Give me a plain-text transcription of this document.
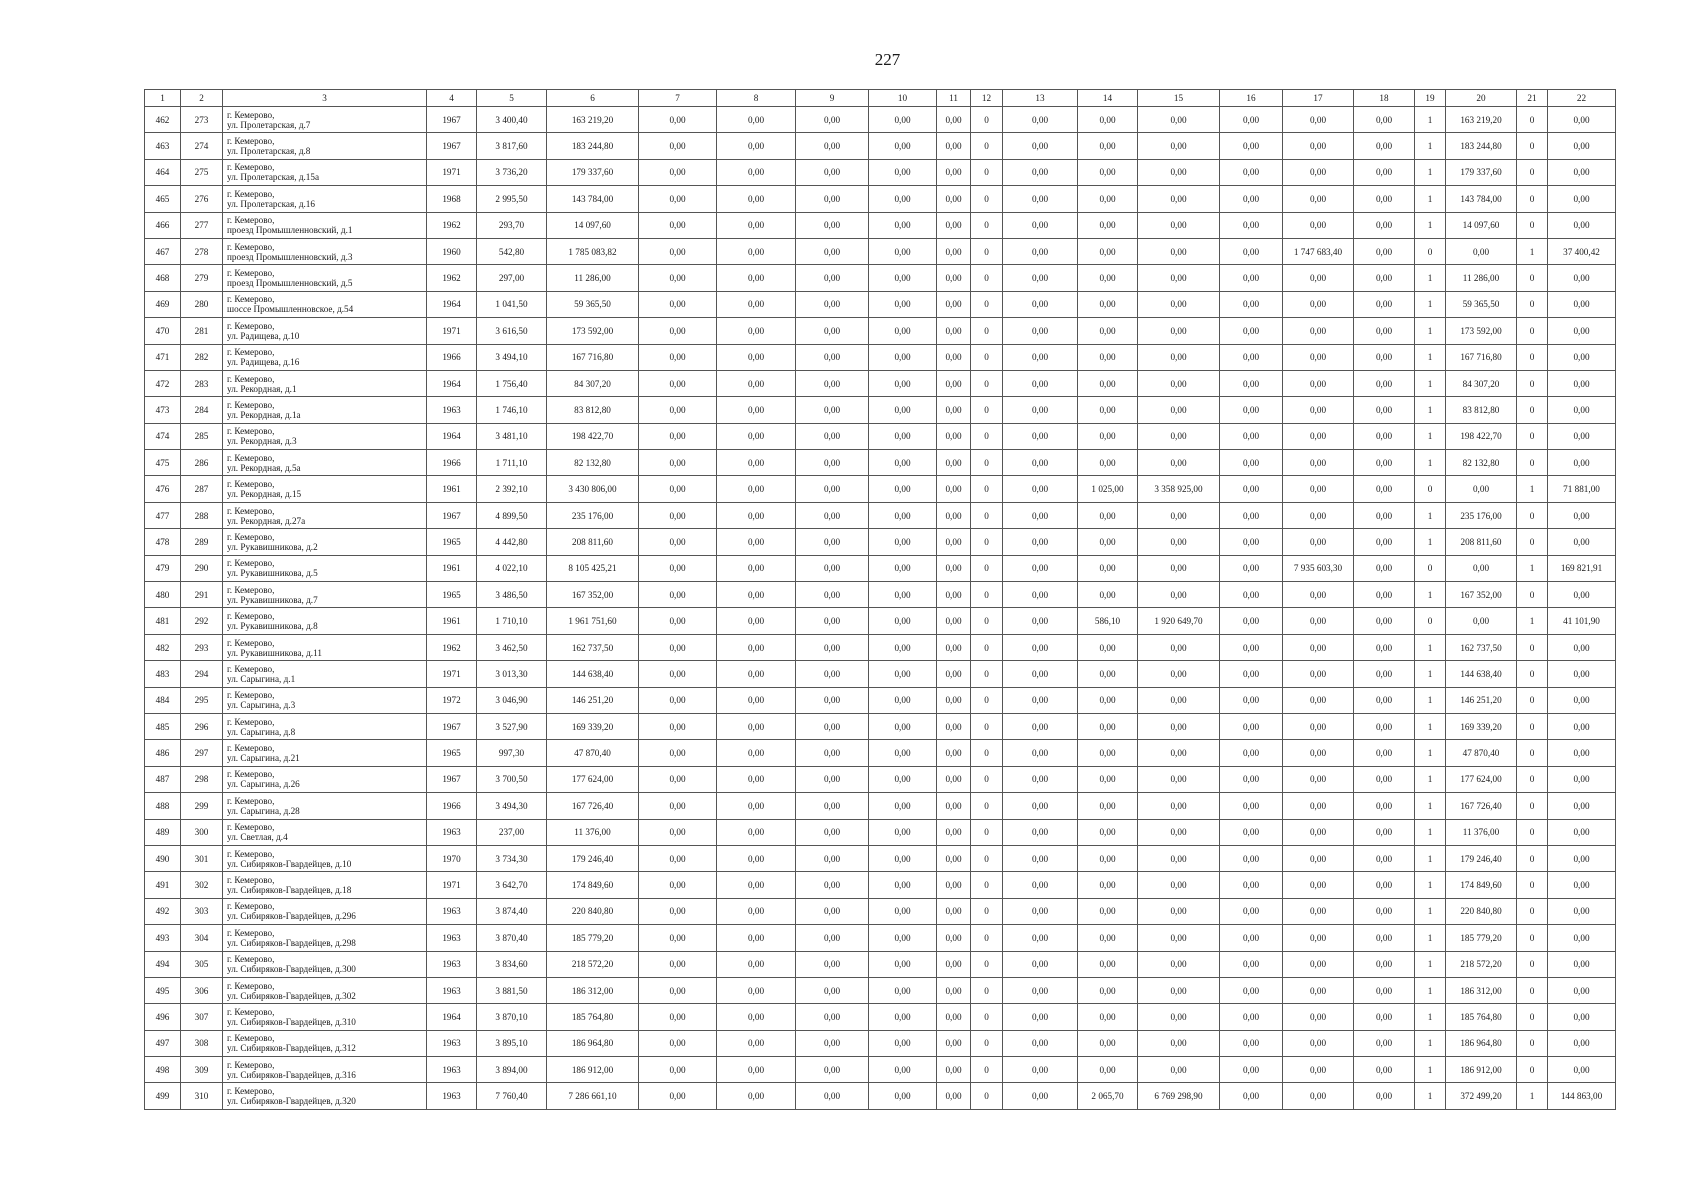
227
1	2	3	4	5	6	7	8	9	10	11	12	13	14	15	16	17	18	19	20	21	22
462	273	г. Кемерово,
ул. Пролетарская, д.7	1967	3 400,40	163 219,20	0,00	0,00	0,00	0,00	0,00	0	0,00	0,00	0,00	0,00	0,00	0,00	1	163 219,20	0	0,00
463	274	г. Кемерово,
ул. Пролетарская, д.8	1967	3 817,60	183 244,80	0,00	0,00	0,00	0,00	0,00	0	0,00	0,00	0,00	0,00	0,00	0,00	1	183 244,80	0	0,00
464	275	г. Кемерово,
ул. Пролетарская, д.15а	1971	3 736,20	179 337,60	0,00	0,00	0,00	0,00	0,00	0	0,00	0,00	0,00	0,00	0,00	0,00	1	179 337,60	0	0,00
465	276	г. Кемерово,
ул. Пролетарская, д.16	1968	2 995,50	143 784,00	0,00	0,00	0,00	0,00	0,00	0	0,00	0,00	0,00	0,00	0,00	0,00	1	143 784,00	0	0,00
466	277	г. Кемерово,
проезд Промышленновский, д.1	1962	293,70	14 097,60	0,00	0,00	0,00	0,00	0,00	0	0,00	0,00	0,00	0,00	0,00	0,00	1	14 097,60	0	0,00
467	278	г. Кемерово,
проезд Промышленновский, д.3	1960	542,80	1 785 083,82	0,00	0,00	0,00	0,00	0,00	0	0,00	0,00	0,00	0,00	1 747 683,40	0,00	0	0,00	1	37 400,42
468	279	г. Кемерово,
проезд Промышленновский, д.5	1962	297,00	11 286,00	0,00	0,00	0,00	0,00	0,00	0	0,00	0,00	0,00	0,00	0,00	0,00	1	11 286,00	0	0,00
469	280	г. Кемерово,
шоссе Промышленновское, д.54	1964	1 041,50	59 365,50	0,00	0,00	0,00	0,00	0,00	0	0,00	0,00	0,00	0,00	0,00	0,00	1	59 365,50	0	0,00
470	281	г. Кемерово,
ул. Радищева, д.10	1971	3 616,50	173 592,00	0,00	0,00	0,00	0,00	0,00	0	0,00	0,00	0,00	0,00	0,00	0,00	1	173 592,00	0	0,00
471	282	г. Кемерово,
ул. Радищева, д.16	1966	3 494,10	167 716,80	0,00	0,00	0,00	0,00	0,00	0	0,00	0,00	0,00	0,00	0,00	0,00	1	167 716,80	0	0,00
472	283	г. Кемерово,
ул. Рекордная, д.1	1964	1 756,40	84 307,20	0,00	0,00	0,00	0,00	0,00	0	0,00	0,00	0,00	0,00	0,00	0,00	1	84 307,20	0	0,00
473	284	г. Кемерово,
ул. Рекордная, д.1а	1963	1 746,10	83 812,80	0,00	0,00	0,00	0,00	0,00	0	0,00	0,00	0,00	0,00	0,00	0,00	1	83 812,80	0	0,00
474	285	г. Кемерово,
ул. Рекордная, д.3	1964	3 481,10	198 422,70	0,00	0,00	0,00	0,00	0,00	0	0,00	0,00	0,00	0,00	0,00	0,00	1	198 422,70	0	0,00
475	286	г. Кемерово,
ул. Рекордная, д.5а	1966	1 711,10	82 132,80	0,00	0,00	0,00	0,00	0,00	0	0,00	0,00	0,00	0,00	0,00	0,00	1	82 132,80	0	0,00
476	287	г. Кемерово,
ул. Рекордная, д.15	1961	2 392,10	3 430 806,00	0,00	0,00	0,00	0,00	0,00	0	0,00	1 025,00	3 358 925,00	0,00	0,00	0,00	0	0,00	1	71 881,00
477	288	г. Кемерово,
ул. Рекордная, д.27а	1967	4 899,50	235 176,00	0,00	0,00	0,00	0,00	0,00	0	0,00	0,00	0,00	0,00	0,00	0,00	1	235 176,00	0	0,00
478	289	г. Кемерово,
ул. Рукавишникова, д.2	1965	4 442,80	208 811,60	0,00	0,00	0,00	0,00	0,00	0	0,00	0,00	0,00	0,00	0,00	0,00	1	208 811,60	0	0,00
479	290	г. Кемерово,
ул. Рукавишникова, д.5	1961	4 022,10	8 105 425,21	0,00	0,00	0,00	0,00	0,00	0	0,00	0,00	0,00	0,00	7 935 603,30	0,00	0	0,00	1	169 821,91
480	291	г. Кемерово,
ул. Рукавишникова, д.7	1965	3 486,50	167 352,00	0,00	0,00	0,00	0,00	0,00	0	0,00	0,00	0,00	0,00	0,00	0,00	1	167 352,00	0	0,00
481	292	г. Кемерово,
ул. Рукавишникова, д.8	1961	1 710,10	1 961 751,60	0,00	0,00	0,00	0,00	0,00	0	0,00	586,10	1 920 649,70	0,00	0,00	0,00	0	0,00	1	41 101,90
482	293	г. Кемерово,
ул. Рукавишникова, д.11	1962	3 462,50	162 737,50	0,00	0,00	0,00	0,00	0,00	0	0,00	0,00	0,00	0,00	0,00	0,00	1	162 737,50	0	0,00
483	294	г. Кемерово,
ул. Сарыгина, д.1	1971	3 013,30	144 638,40	0,00	0,00	0,00	0,00	0,00	0	0,00	0,00	0,00	0,00	0,00	0,00	1	144 638,40	0	0,00
484	295	г. Кемерово,
ул. Сарыгина, д.3	1972	3 046,90	146 251,20	0,00	0,00	0,00	0,00	0,00	0	0,00	0,00	0,00	0,00	0,00	0,00	1	146 251,20	0	0,00
485	296	г. Кемерово,
ул. Сарыгина, д.8	1967	3 527,90	169 339,20	0,00	0,00	0,00	0,00	0,00	0	0,00	0,00	0,00	0,00	0,00	0,00	1	169 339,20	0	0,00
486	297	г. Кемерово,
ул. Сарыгина, д.21	1965	997,30	47 870,40	0,00	0,00	0,00	0,00	0,00	0	0,00	0,00	0,00	0,00	0,00	0,00	1	47 870,40	0	0,00
487	298	г. Кемерово,
ул. Сарыгина, д.26	1967	3 700,50	177 624,00	0,00	0,00	0,00	0,00	0,00	0	0,00	0,00	0,00	0,00	0,00	0,00	1	177 624,00	0	0,00
488	299	г. Кемерово,
ул. Сарыгина, д.28	1966	3 494,30	167 726,40	0,00	0,00	0,00	0,00	0,00	0	0,00	0,00	0,00	0,00	0,00	0,00	1	167 726,40	0	0,00
489	300	г. Кемерово,
ул. Светлая, д.4	1963	237,00	11 376,00	0,00	0,00	0,00	0,00	0,00	0	0,00	0,00	0,00	0,00	0,00	0,00	1	11 376,00	0	0,00
490	301	г. Кемерово,
ул. Сибиряков-Гвардейцев, д.10	1970	3 734,30	179 246,40	0,00	0,00	0,00	0,00	0,00	0	0,00	0,00	0,00	0,00	0,00	0,00	1	179 246,40	0	0,00
491	302	г. Кемерово,
ул. Сибиряков-Гвардейцев, д.18	1971	3 642,70	174 849,60	0,00	0,00	0,00	0,00	0,00	0	0,00	0,00	0,00	0,00	0,00	0,00	1	174 849,60	0	0,00
492	303	г. Кемерово,
ул. Сибиряков-Гвардейцев, д.296	1963	3 874,40	220 840,80	0,00	0,00	0,00	0,00	0,00	0	0,00	0,00	0,00	0,00	0,00	0,00	1	220 840,80	0	0,00
493	304	г. Кемерово,
ул. Сибиряков-Гвардейцев, д.298	1963	3 870,40	185 779,20	0,00	0,00	0,00	0,00	0,00	0	0,00	0,00	0,00	0,00	0,00	0,00	1	185 779,20	0	0,00
494	305	г. Кемерово,
ул. Сибиряков-Гвардейцев, д.300	1963	3 834,60	218 572,20	0,00	0,00	0,00	0,00	0,00	0	0,00	0,00	0,00	0,00	0,00	0,00	1	218 572,20	0	0,00
495	306	г. Кемерово,
ул. Сибиряков-Гвардейцев, д.302	1963	3 881,50	186 312,00	0,00	0,00	0,00	0,00	0,00	0	0,00	0,00	0,00	0,00	0,00	0,00	1	186 312,00	0	0,00
496	307	г. Кемерово,
ул. Сибиряков-Гвардейцев, д.310	1964	3 870,10	185 764,80	0,00	0,00	0,00	0,00	0,00	0	0,00	0,00	0,00	0,00	0,00	0,00	1	185 764,80	0	0,00
497	308	г. Кемерово,
ул. Сибиряков-Гвардейцев, д.312	1963	3 895,10	186 964,80	0,00	0,00	0,00	0,00	0,00	0	0,00	0,00	0,00	0,00	0,00	0,00	1	186 964,80	0	0,00
498	309	г. Кемерово,
ул. Сибиряков-Гвардейцев, д.316	1963	3 894,00	186 912,00	0,00	0,00	0,00	0,00	0,00	0	0,00	0,00	0,00	0,00	0,00	0,00	1	186 912,00	0	0,00
499	310	г. Кемерово,
ул. Сибиряков-Гвардейцев, д.320	1963	7 760,40	7 286 661,10	0,00	0,00	0,00	0,00	0,00	0	0,00	2 065,70	6 769 298,90	0,00	0,00	0,00	1	372 499,20	1	144 863,00
